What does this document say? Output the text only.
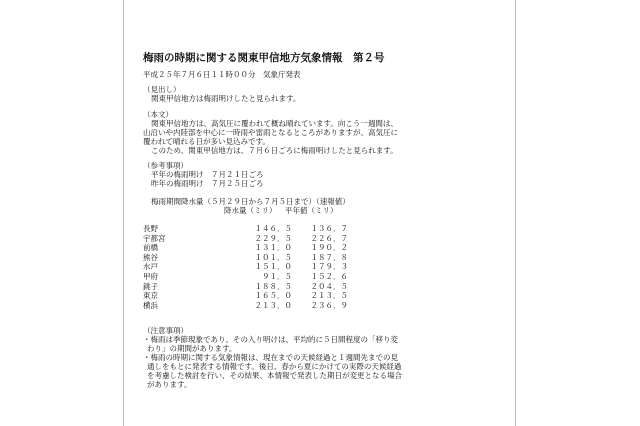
梅雨の時期に関する関東甲信地方気象情報　第２号
平成２５年７月６日１１時００分　気象庁発表
（見出し）
関東甲信地方は梅雨明けしたと見られます。
（本文）
関東甲信地方は、高気圧に覆われて概ね晴れています。向こう一週間は、
山沿いや内陸部を中心に一時雨や雷雨となるところがありますが、高気圧に
覆われて晴れる日が多い見込みです。
このため、関東甲信地方は、７月６日ごろに梅雨明けしたと見られます。
（参考事項）
平年の梅雨明け　７月２１日ごろ
昨年の梅雨明け　７月２５日ごろ
梅雨期間降水量（５月２９日から７月５日まで）（速報値）
降水量（ミリ） 平年値（ミリ）
長野	１４６．５	１３６．７
宇都宮	２２９．５	２２６．７
前橋	１３１．０	１９０．２
熊谷	１０１．５	１８７．８
水戸	１５１．０	１７９．３
甲府	９１．５	１５２．６
銚子	１８８．５	２０４．５
東京	１６５．０	２１３．５
横浜	２１３．０	２３６．９
（注意事項）
・梅雨は季節現象であり、その入り明けは、平均的に５日間程度の「移り変
わり」の期間があります。
・梅雨の時期に関する気象情報は、現在までの天候経過と１週間先までの見
通しをもとに発表する情報です。後日、春から夏にかけての実際の天候経過
を考慮した検討を行い、その結果、本情報で発表した期日が変更となる場合
があります。
